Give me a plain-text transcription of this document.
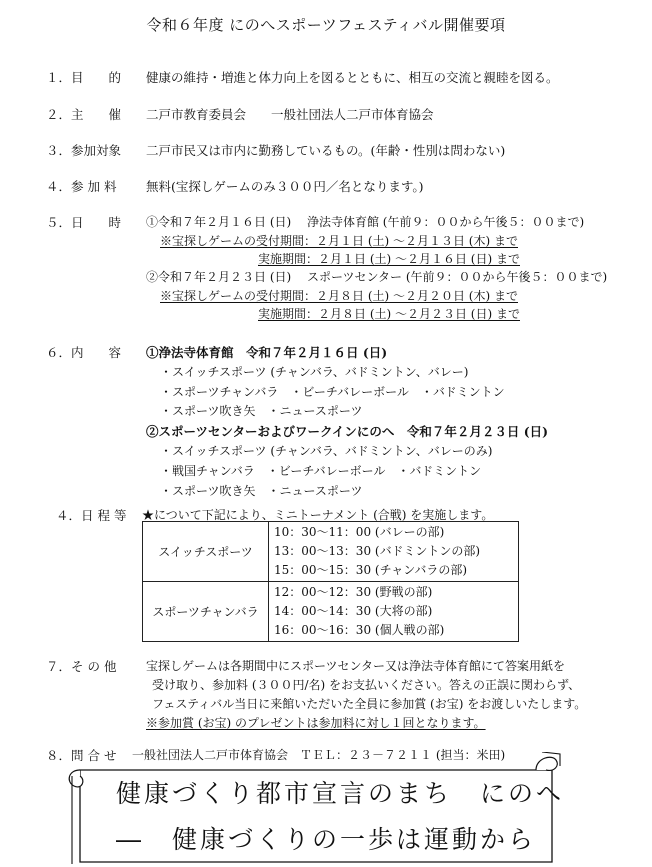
令和６年度 にのへスポーツフェスティバル開催要項
１．目　　的 健康の維持・増進と体力向上を図るとともに、相互の交流と親睦を図る。
２．主　　催 二戸市教育委員会　　一般社団法人二戸市体育協会
３．参加対象 二戸市民又は市内に勤務しているもの。(年齢・性別は問わない)
４．参 加 料 無料(宝探しゲームのみ３００円／名となります。)
５．日　　時 ①令和７年２月１６日 (日)　 浄法寺体育館 (午前９：００から午後５：００まで)
※宝探しゲームの受付期間：２月１日 (土) ～２月１３日 (木) まで
実施期間：２月１日 (土) ～２月１６日 (日) まで
②令和７年２月２３日 (日)　 スポーツセンター (午前９：００から午後５：００まで)
※宝探しゲームの受付期間：２月８日 (土) ～２月２０日 (木) まで
実施期間：２月８日 (土) ～２月２３日 (日) まで
６．内　　容 ①浄法寺体育館　令和７年２月１６日 (日)
・スイッチスポーツ (チャンバラ、バドミントン、バレー)
・スポーツチャンバラ　・ビーチバレーボール　・バドミントン
・スポーツ吹き矢　・ニュースポーツ
②スポーツセンターおよびワークインにのへ　令和７年２月２３日 (日)
・スイッチスポーツ (チャンバラ、バドミントン、バレーのみ)
・戦国チャンバラ　・ビーチバレーボール　・バドミントン
・スポーツ吹き矢　・ニュースポーツ
４．日 程 等 ★について下記により、ミニトーナメント (合戦) を実施します。
スイッチスポーツ	10：30～11：00 (バレーの部)
13：00～13：30 (バドミントンの部)
15：00～15：30 (チャンバラの部)

スポーツチャンバラ	12：00～12：30 (野戦の部)
14：00～14：30 (大将の部)
16：00～16：30 (個人戦の部)
７．そ の 他 宝探しゲームは各期間中にスポーツセンター又は浄法寺体育館にて答案用紙を
受け取り、参加料 (３００円/名) をお支払いください。答えの正誤に関わらず、
フェスティバル当日に来館いただいた全員に参加賞 (お宝) をお渡しいたします。
※参加賞 (お宝) のプレゼントは参加料に対し１回となります。
８．問 合 せ 一般社団法人二戸市体育協会　ＴＥＬ：２３－７２１１ (担当：米田)
健康づくり都市宣言のまち　にのへ
―　健康づくりの一歩は運動から
